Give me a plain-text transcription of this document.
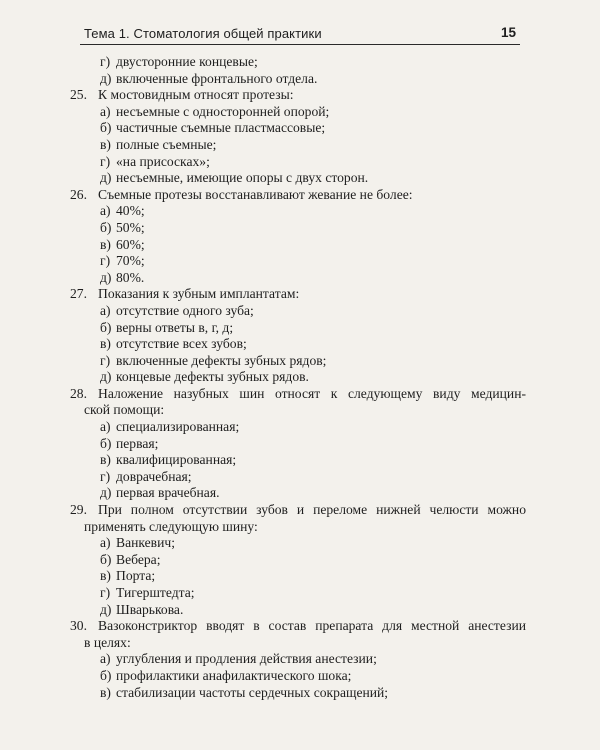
Тема 1. Стоматология общей практики	15
г) двусторонние концевые;
д) включенные фронтального отдела.
25. К мостовидным относят протезы:
а) несъемные с односторонней опорой;
б) частичные съемные пластмассовые;
в) полные съемные;
г) «на присосках»;
д) несъемные, имеющие опоры с двух сторон.
26. Съемные протезы восстанавливают жевание не более:
а) 40%;
б) 50%;
в) 60%;
г) 70%;
д) 80%.
27. Показания к зубным имплантатам:
а) отсутствие одного зуба;
б) верны ответы в, г, д;
в) отсутствие всех зубов;
г) включенные дефекты зубных рядов;
д) концевые дефекты зубных рядов.
28. Наложение назубных шин относят к следующему виду медицин-
ской помощи:
а) специализированная;
б) первая;
в) квалифицированная;
г) доврачебная;
д) первая врачебная.
29. При полном отсутствии зубов и переломе нижней челюсти можно
применять следующую шину:
а) Ванкевич;
б) Вебера;
в) Порта;
г) Тигерштедта;
д) Шварькова.
30. Вазоконстриктор вводят в состав препарата для местной анестезии
в целях:
а) углубления и продления действия анестезии;
б) профилактики анафилактического шока;
в) стабилизации частоты сердечных сокращений;
